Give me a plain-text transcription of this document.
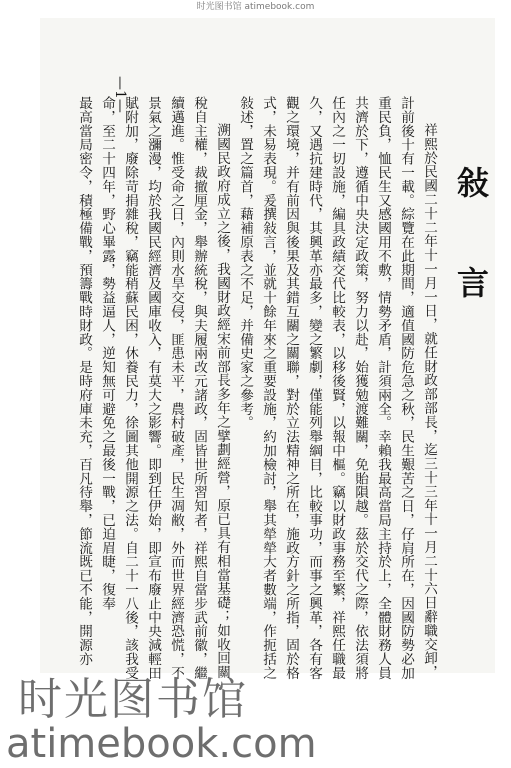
时光图书馆 atimebook.com
敍　言

祥熙於民國二十二年十一月一日，就任財政部部長，迄三十三年十一月二十六日辭職交卸，計前後十有一載。綜覽在此期間，適值國防危急之秋，民生艱苦之日，仔肩所在，因國防勢必加重民負，恤民生又感國用不敷，情勢矛盾，計須兩全。幸賴我最高當局主持於上，全體財務人員共濟於下，遵循中央決定政策，努力以赴，始獲勉渡難關，免貽隕越。茲於交代之際，依法須將任內之一切設施，編具政績交代比較表，以移後賢，以報中樞。竊以財政事務至繁，祥熙任職最久，又遇抗建時代，其興革亦最多，變之繁劇，僅能列舉綱目，比較事功，而事之興革，各有客觀之環境，并有前因與後果及其錯互關之關聯，對於立法精神之所在，施政方針之所指，固於格式，未易表現。爰撰敍言，並就十餘年來之重要設施，約加檢討，舉其犖犖大者數端，作扼括之敍述，置之篇首，藉補原表之不足，并備史家之參考。

溯國民政府成立之後，我國財政經宋前部長多年之擘劃經營，原已具有相當基礎；如收回關稅自主權，裁撤厘金，舉辦統稅，與夫履兩改元諸政，固皆世所習知者，祥熙自當步武前徽，繼續邁進。惟受命之日，內則水旱交侵，匪患未平，農村破產，民生凋敝，外而世界經濟恐慌，不景氣之瀰漫，均於我國民經濟及國庫收入，有莫大之影響。即到任伊始，即宣布廢止中央減輕田賦附加，廢除苛捐雜稅，竊能稍蘇民困，休養民力，徐圖其他開源之法。自二十一八後，該我受命，至二十四年，野心畢露，勢益逼人，逆知無可避免之最後一戰，已迫眉睫，復奉

最高當局密令，積極備戰，預籌戰時財政。是時府庫未充，百凡待舉，節流既已不能，開源亦

—1—
时光图书馆
atimebook.com
